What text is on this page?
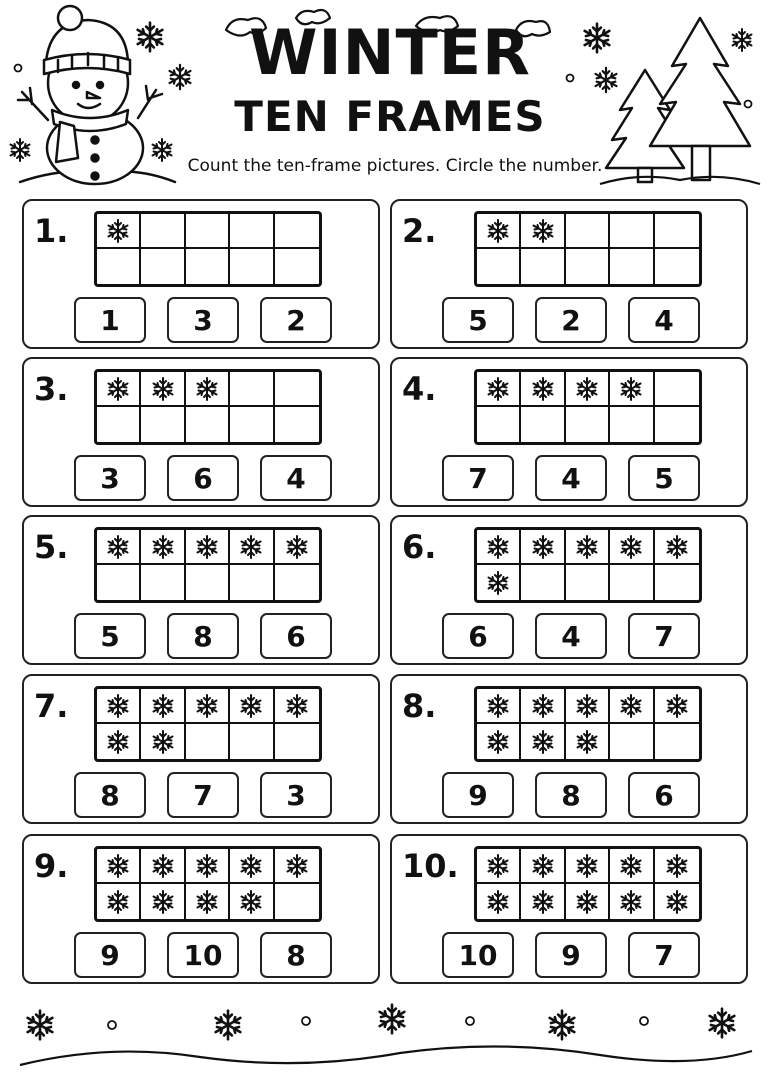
WINTER
TEN FRAMES
Count the ten-frame pictures. Circle the number.
1.
1	3	2
2.
5	2	4
3.
3	6	4
4.
7	4	5
5.
5	8	6
6.
6	4	7
7.
8	7	3
8.
9	8	6
9.
9	10	8
10.
10	9	7
